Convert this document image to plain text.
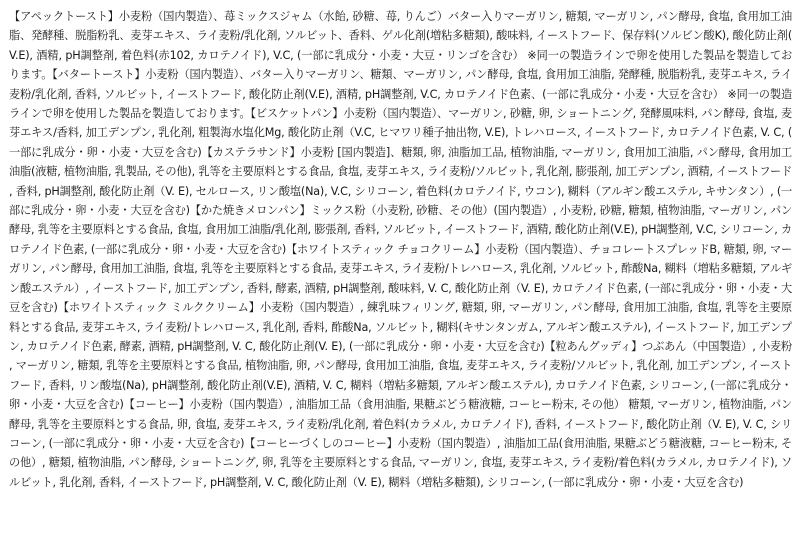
【アペックトースト】小麦粉（国内製造）、苺ミックスジャム（水飴, 砂糖、苺, りんご）バター入りマーガリン, 糖類, マーガリン, パン酵母, 食塩, 食用加工油脂、発酵種、脱脂粉乳、麦芽エキス、ライ麦粉/乳化剤, ソルビット、香料、ゲル化剤(増粘多糖類), 酸味料, イーストフード、保存料(ソルビン酸K), 酸化防止剤(V.E), 酒精, pH調整剤, 着色料(赤102, カロテノイド), V.C, (一部に乳成分・小麦・大豆・リンゴを含む） ※同一の製造ラインで卵を使用した製品を製造しております。【バタートースト】小麦粉（国内製造）、バター入りマーガリン、糖類、マーガリン, パン酵母, 食塩, 食用加工油脂, 発酵種, 脱脂粉乳, 麦芽エキス, ライ麦粉/乳化剤, 香料, ソルビット, イーストフード, 酸化防止剤(V.E), 酒精, pH調整剤, V.C, カロテノイド色素、(一部に乳成分・小麦・大豆を含む） ※同一の製造ラインで卵を使用した製品を製造しております。【ビスケットパン】小麦粉（国内製造）、マーガリン, 砂糖, 卵, ショートニング, 発酵風味料, パン酵母, 食塩, 麦芽エキス/香料, 加工デンプン, 乳化剤, 粗製海水塩化Mg, 酸化防止剤（V.C, ヒマワリ種子抽出物, V.E), トレハロース, イーストフード, カロテノイド色素, V. C, (一部に乳成分・卵・小麦・大豆を含む)【カステラサンド】小麦粉 [国内製造]、糖類, 卵, 油脂加工品, 植物油脂, マーガリン, 食用加工油脂, パン酵母, 食用加工油脂(液糖, 植物油脂, 乳製品, その他), 乳等を主要原料とする食品, 食塩, 麦芽エキス, ライ麦粉/ソルビット, 乳化剤, 膨張剤, 加工デンプン, 酒精, イーストフード, 香料, pH調整剤, 酸化防止剤（V. E), セルロース, リン酸塩(Na), V.C, シリコーン, 着色料(カロテノイド, ウコン), 糊料（アルギン酸エステル, キサンタン）, (一部に乳成分・卵・小麦・大豆を含む)【かた焼きメロンパン】ミックス粉（小麦粉, 砂糖、その他）(国内製造）, 小麦粉, 砂糖, 糖類, 植物油脂, マーガリン, パン酵母, 乳等を主要原料とする食品, 食塩, 食用加工油脂/乳化剤, 膨張剤, 香料, ソルビット, イーストフード, 酒精, 酸化防止剤(V.E), pH調整剤, V.C, シリコーン, カロテノイド色素, (一部に乳成分・卵・小麦・大豆を含む)【ホワイトスティック チョコクリーム】小麦粉（国内製造）、チョコレートスプレッドB, 糖類, 卵, マーガリン, パン酵母, 食用加工油脂, 食塩, 乳等を主要原料とする食品, 麦芽エキス, ライ麦粉/トレハロース, 乳化剤, ソルビット, 酢酸Na, 糊料（増粘多糖類, アルギン酸エステル）, イーストフード, 加工デンプン, 香料, 酵素, 酒精, pH調整剤, 酸味料, V. C, 酸化防止剤（V. E), カロテノイド色素, (一部に乳成分・卵・小麦・大豆を含む)【ホワイトスティック ミルククリーム】小麦粉（国内製造）, 練乳味フィリング, 糖類, 卵, マーガリン, パン酵母, 食用加工油脂, 食塩, 乳等を主要原料とする食品, 麦芽エキス, ライ麦粉/トレハロース, 乳化剤, 香料, 酢酸Na, ソルビット, 糊料(キサンタンガム, アルギン酸エステル), イーストフード, 加工デンプン, カロテノイド色素, 酵素, 酒精, pH調整剤, V. C, 酸化防止剤(V. E), (一部に乳成分・卵・小麦・大豆を含む)【粒あんグッディ】つぶあん（中国製造）, 小麦粉, マーガリン, 糖類, 乳等を主要原料とする食品, 植物油脂, 卵, パン酵母, 食用加工油脂, 食塩, 麦芽エキス, ライ麦粉/ソルビット, 乳化剤, 加工デンプン, イーストフード, 香料, リン酸塩(Na), pH調整剤, 酸化防止剤(V.E), 酒精, V. C, 糊料（増粘多糖類, アルギン酸エステル), カロテノイド色素, シリコーン, (一部に乳成分・卵・小麦・大豆を含む)【コーヒー】小麦粉（国内製造）, 油脂加工品（食用油脂, 果糖ぶどう糖液糖, コーヒー粉末, その他） 糖類, マーガリン, 植物油脂, パン酵母, 乳等を主要原料とする食品, 卵, 食塩, 麦芽エキス, ライ麦粉/乳化剤, 着色料(カラメル, カロテノイド), 香料, イーストフード, 酸化防止剤（V. E), V. C, シリコーン, (一部に乳成分・卵・小麦・大豆を含む)【コーヒーづくしのコーヒー】小麦粉（国内製造）, 油脂加工品(食用油脂, 果糖ぶどう糖液糖, コーヒー粉末, その他）, 糖類, 植物油脂, パン酵母, ショートニング, 卵, 乳等を主要原料とする食品, マーガリン, 食塩, 麦芽エキス, ライ麦粉/着色料(カラメル, カロテノイド), ソルビット, 乳化剤, 香料, イーストフード, pH調整剤, V. C, 酸化防止剤（V. E), 糊料（増粘多糖類), シリコーン, (一部に乳成分・卵・小麦・大豆を含む)
